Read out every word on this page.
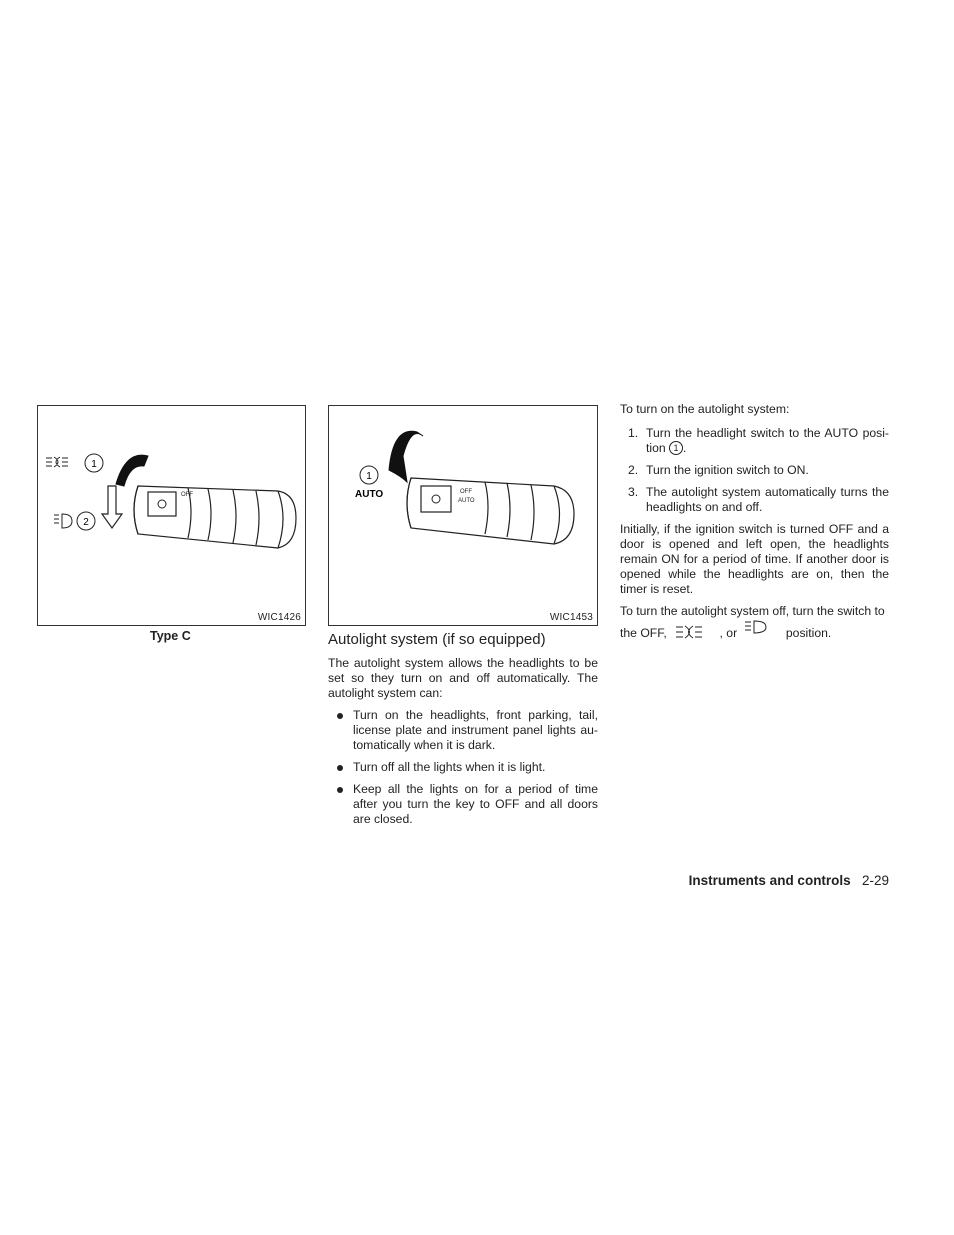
OFF
1
2
WIC1426
Type C
OFF
AUTO
1
AUTO
WIC1453
Autolight system (if so equipped)
The autolight system allows the headlights to be set so they turn on and off automatically. The autolight system can:
Turn on the headlights, front parking, tail, license plate and instrument panel lights au-tomatically when it is dark.
Turn off all the lights when it is light.
Keep all the lights on for a period of time after you turn the key to OFF and all doors are closed.
To turn on the autolight system:
1. Turn the headlight switch to the AUTO posi-tion 1 .
2. Turn the ignition switch to ON.
3. The autolight system automatically turns the headlights on and off.
Initially, if the ignition switch is turned OFF and a door is opened and left open, the headlights remain ON for a period of time. If another door is opened while the headlights are on, then the timer is reset.
To turn the autolight system off, turn the switch to
the OFF,	, or	position.
Instruments and controls 2-29
